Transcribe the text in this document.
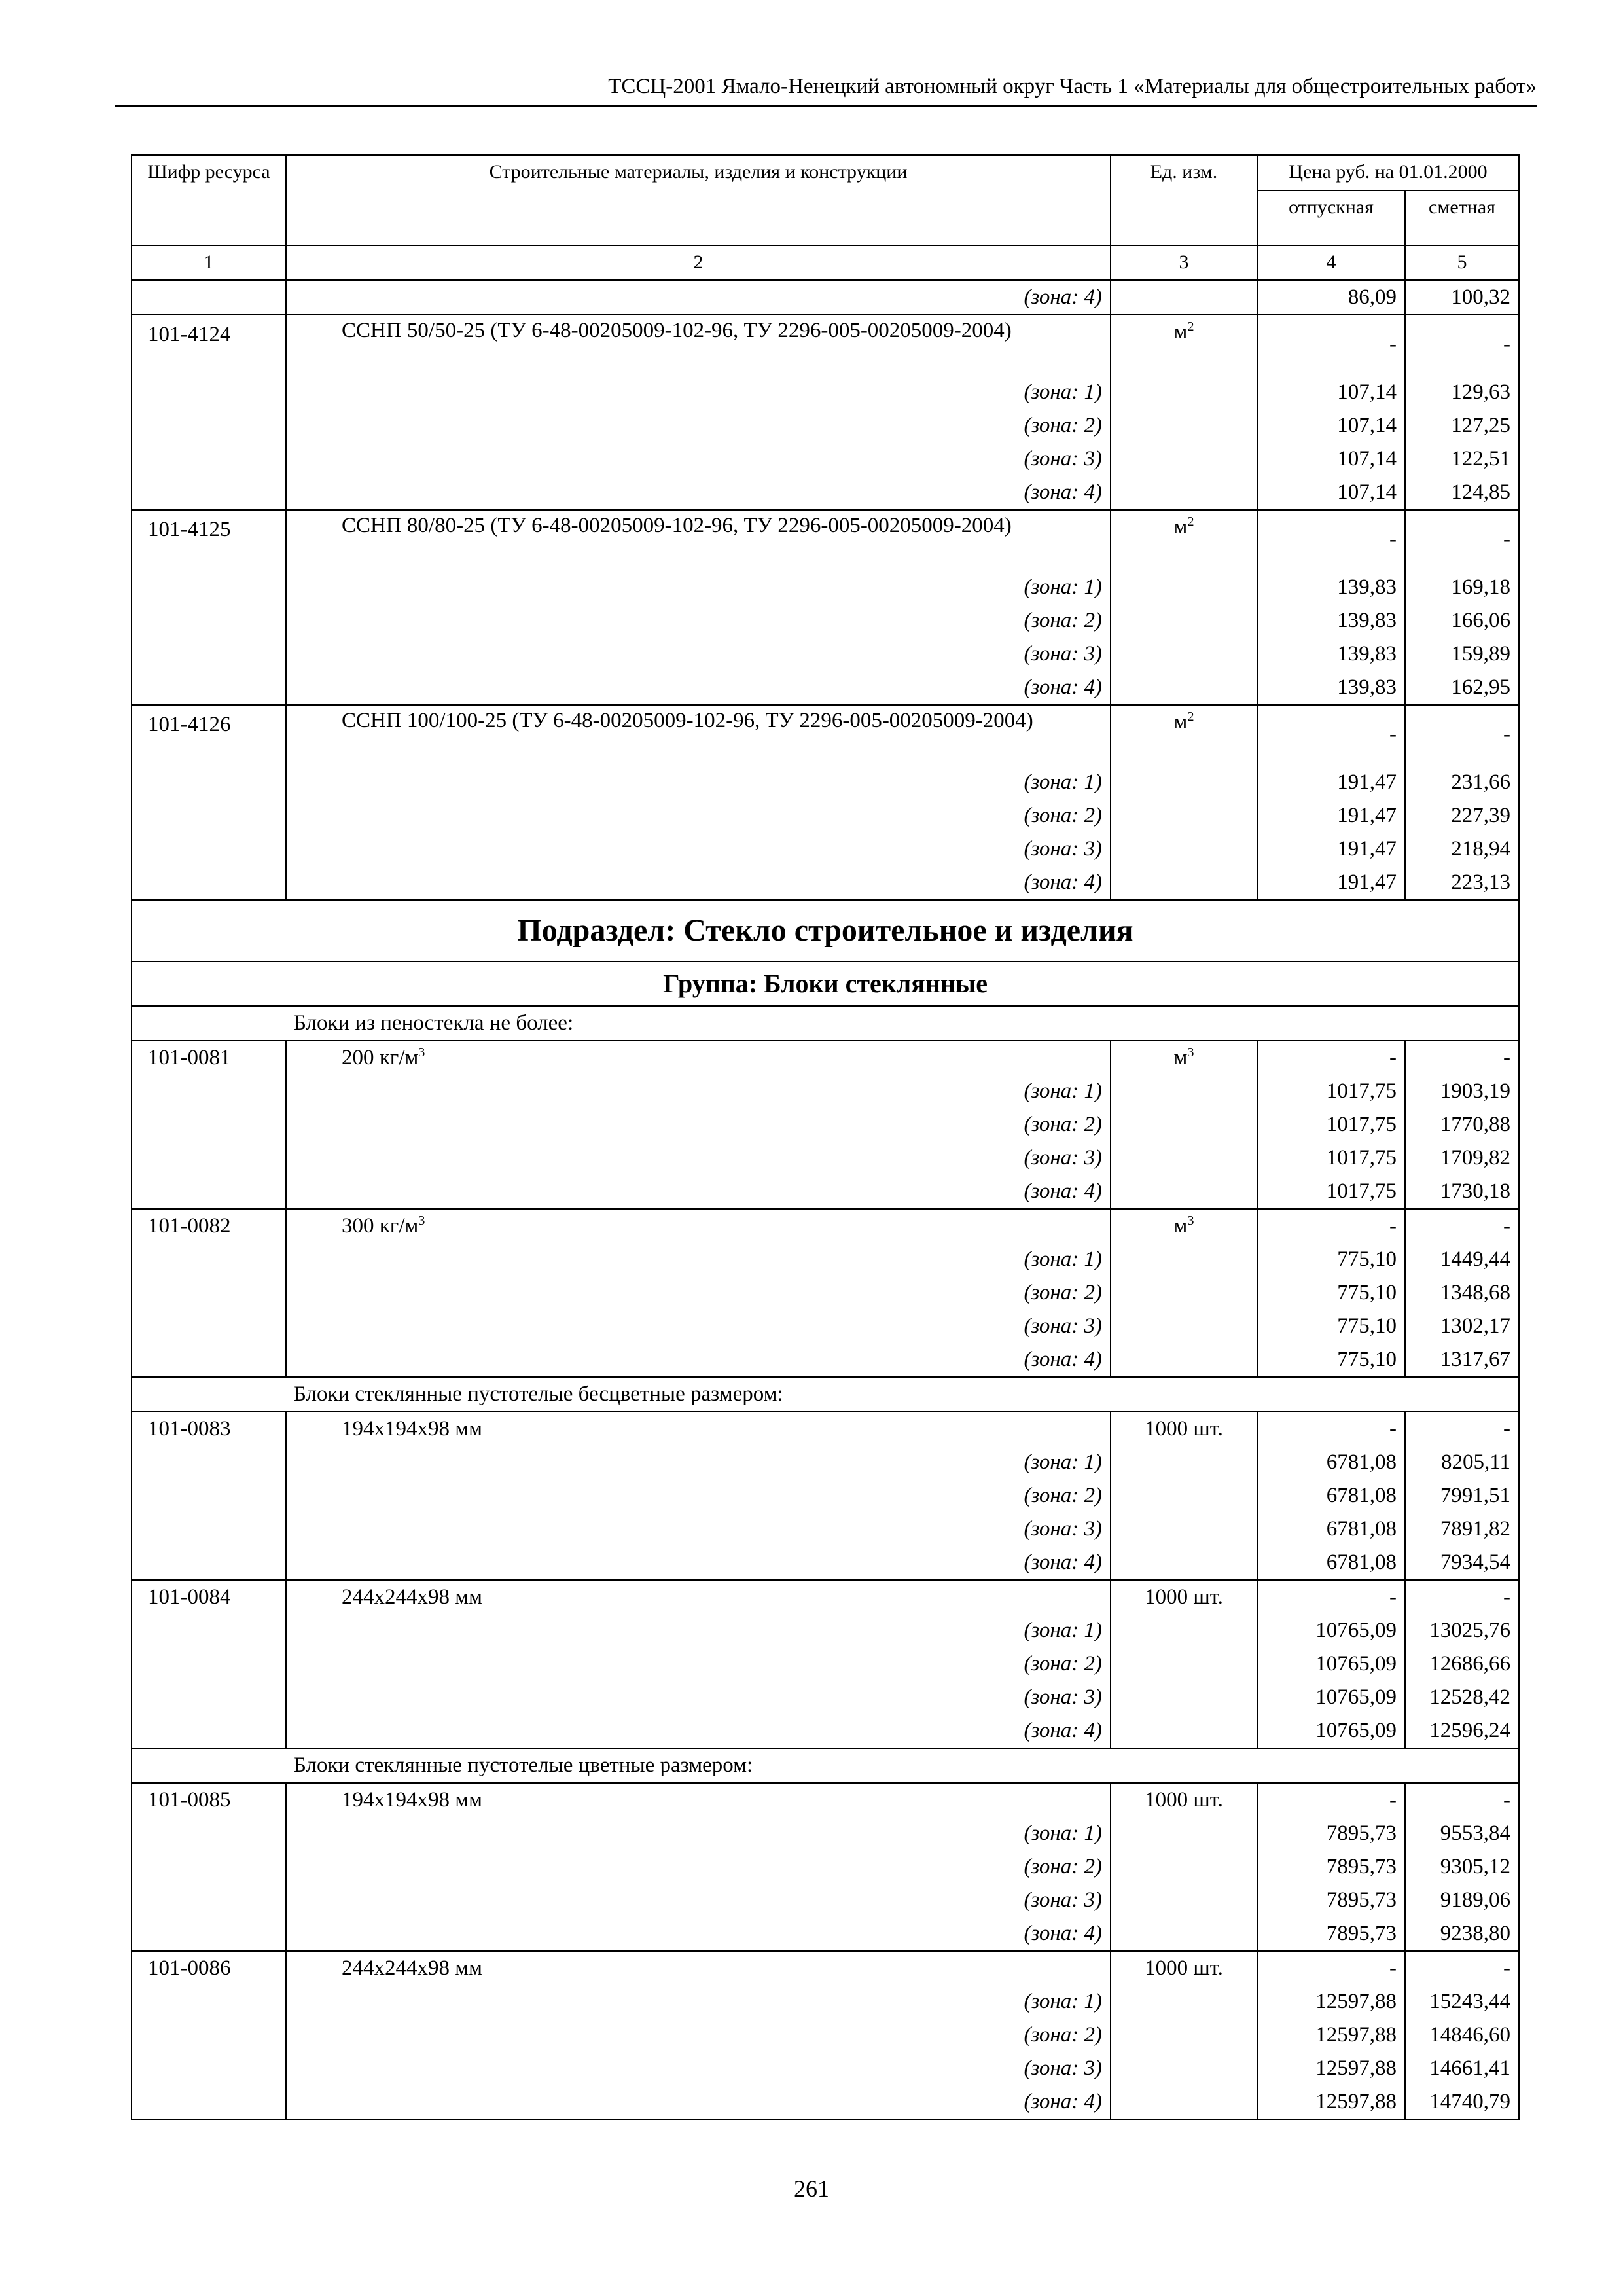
ТССЦ-2001 Ямало-Ненецкий автономный округ Часть 1 «Материалы для общестроительных работ»
Шифр ресурса	Строительные материалы, изделия и конструкции	Ед. изм.	Цена руб. на 01.01.2000	
			отпускная	сметная
1	2	3	4	5
	(зона: 4)		86,09	100,32
101-4124	ССНП 50/50-25 (ТУ 6-48-00205009-102-96, ТУ 2296-005-00205009-2004)	$м^2$	-	-
	(зона: 1)		107,14	129,63
	(зона: 2)		107,14	127,25
	(зона: 3)		107,14	122,51
	(зона: 4)		107,14	124,85
101-4125	ССНП 80/80-25 (ТУ 6-48-00205009-102-96, ТУ 2296-005-00205009-2004)	$м^2$	-	-
	(зона: 1)		139,83	169,18
	(зона: 2)		139,83	166,06
	(зона: 3)		139,83	159,89
	(зона: 4)		139,83	162,95
101-4126	ССНП 100/100-25 (ТУ 6-48-00205009-102-96, ТУ 2296-005-00205009-2004)	$м^2$	-	-
	(зона: 1)		191,47	231,66
	(зона: 2)		191,47	227,39
	(зона: 3)		191,47	218,94
	(зона: 4)		191,47	223,13
Подраздел: Стекло строительное и изделия				
Группа: Блоки стеклянные				
	Блоки из пеностекла не более:			
101-0081	200 $кг/м^3$	$м^3$	-	-
	(зона: 1)		1017,75	1903,19
	(зона: 2)		1017,75	1770,88
	(зона: 3)		1017,75	1709,82
	(зона: 4)		1017,75	1730,18
101-0082	300 $кг/м^3$	$м^3$	-	-
	(зона: 1)		775,10	1449,44
	(зона: 2)		775,10	1348,68
	(зона: 3)		775,10	1302,17
	(зона: 4)		775,10	1317,67
	Блоки стеклянные пустотелые бесцветные размером:			
101-0083	194x194x98 мм	1000 шт.	-	-
	(зона: 1)		6781,08	8205,11
	(зона: 2)		6781,08	7991,51
	(зона: 3)		6781,08	7891,82
	(зона: 4)		6781,08	7934,54
101-0084	244x244x98 мм	1000 шт.	-	-
	(зона: 1)		10765,09	13025,76
	(зона: 2)		10765,09	12686,66
	(зона: 3)		10765,09	12528,42
	(зона: 4)		10765,09	12596,24
	Блоки стеклянные пустотелые цветные размером:			
101-0085	194x194x98 мм	1000 шт.	-	-
	(зона: 1)		7895,73	9553,84
	(зона: 2)		7895,73	9305,12
	(зона: 3)		7895,73	9189,06
	(зона: 4)		7895,73	9238,80
101-0086	244x244x98 мм	1000 шт.	-	-
	(зона: 1)		12597,88	15243,44
	(зона: 2)		12597,88	14846,60
	(зона: 3)		12597,88	14661,41
	(зона: 4)		12597,88	14740,79
261
